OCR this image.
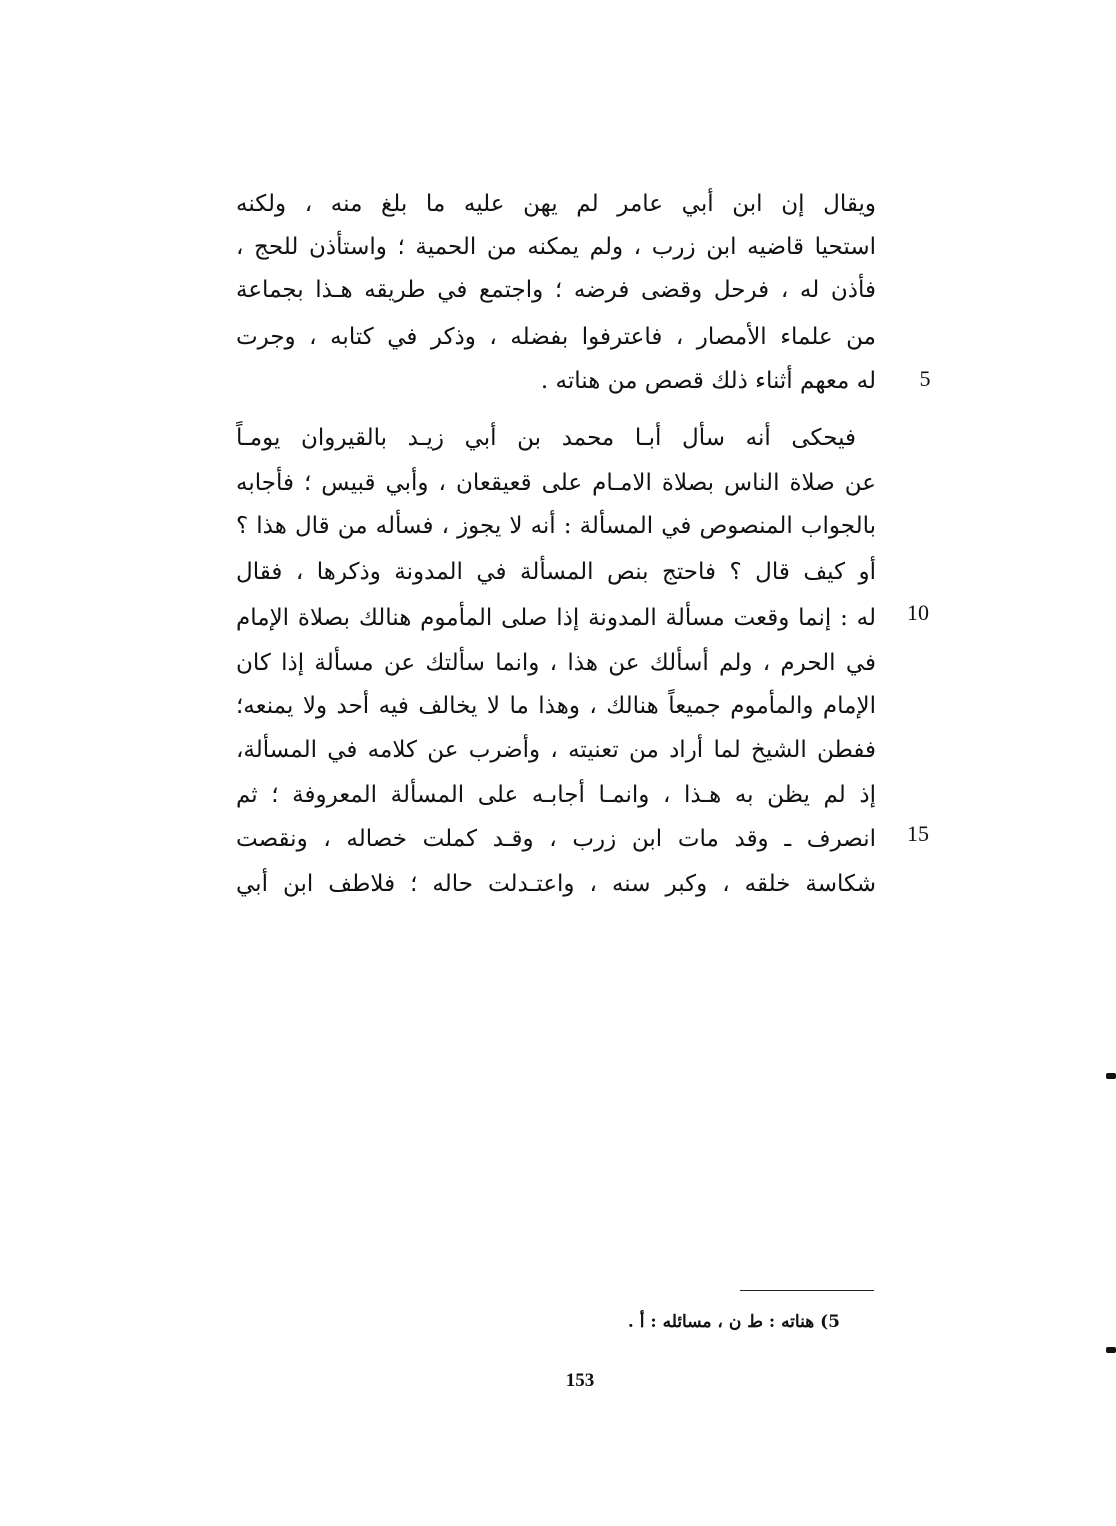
ويقال إن ابن أبي عامر لم يهن عليه ما بلغ منه ، ولكنه
استحيا قاضيه ابن زرب ، ولم يمكنه من الحمية ؛ واستأذن للحج ،
فأذن له ، فرحل وقضى فرضه ؛ واجتمع في طريقه هـذا بجماعة
من علماء الأمصار ، فاعترفوا بفضله ، وذكر في كتابه ، وجرت
له معهم أثناء ذلك قصص من هناته .
فيحكى أنه سأل أبـا محمد بن أبي زيـد بالقيروان يومـاً
عن صلاة الناس بصلاة الامـام على قعيقعان ، وأبي قبيس ؛ فأجابه
بالجواب المنصوص في المسألة : أنه لا يجوز ، فسأله من قال هذا ؟
أو كيف قال ؟ فاحتج بنص المسألة في المدونة وذكرها ، فقال
له : إنما وقعت مسألة المدونة إذا صلى المأموم هنالك بصلاة الإمام
في الحرم ، ولم أسألك عن هذا ، وانما سألتك عن مسألة إذا كان
الإمام والمأموم جميعاً هنالك ، وهذا ما لا يخالف فيه أحد ولا يمنعه؛
ففطن الشيخ لما أراد من تعنيته ، وأضرب عن كلامه في المسألة،
إذ لم يظن به هـذا ، وانمـا أجابـه على المسألة المعروفة ؛ ثم
انصرف ـ وقد مات ابن زرب ، وقـد كملت خصاله ، ونقصت
شكاسة خلقه ، وكبر سنه ، واعتـدلت حاله ؛ فلاطف ابن أبي
5
10
15
5) هناته : ط ن ، مسائله : أ .
153
